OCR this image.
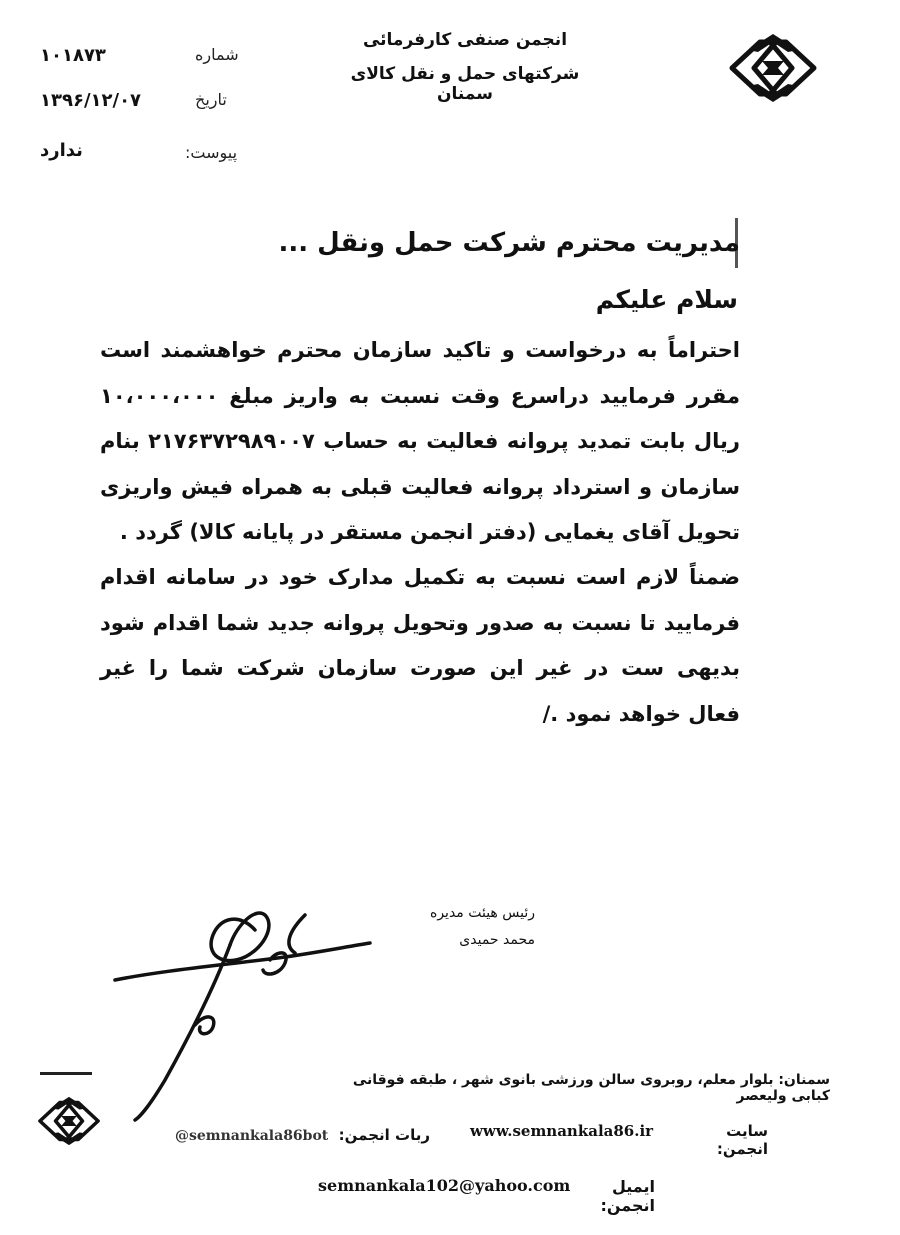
انجمن صنفی کارفرمائی
شرکتهای حمل و نقل کالای سمنان
شماره
۱۰۱۸۷۳
تاریخ
۱۳۹۶/۱۲/۰۷
پیوست:
ندارد
مدیریت محترم شرکت حمل ونقل ...
سلام علیکم
احتراماً به درخواست و تاکید سازمان محترم خواهشمند است مقرر فرمایید دراسرع وقت نسبت به واریز مبلغ ۱۰،۰۰۰،۰۰۰ ریال بابت تمدید پروانه فعالیت به حساب ۲۱۷۶۳۷۲۹۸۹۰۰۷ بنام سازمان و استرداد پروانه فعالیت قبلی به همراه فیش واریزی تحویل آقای یغمایی (دفتر انجمن مستقر در پایانه کالا) گردد .
ضمناً لازم است نسبت به تکمیل مدارک خود در سامانه اقدام فرمایید تا نسبت به صدور وتحویل پروانه جدید شما اقدام شود بدیهی ست در غیر این صورت سازمان شرکت شما را غیر فعال خواهد نمود ./
رئیس هیئت مدیره
محمد حمیدی
سمنان: بلوار معلم، روبروی سالن ورزشی بانوی شهر ، طبقه فوقانی کبابی ولیعصر
سایت انجمن:
www.semnankala86.ir
ربات انجمن:
@semnankala86bot
ایمیل انجمن:
semnankala102@yahoo.com
